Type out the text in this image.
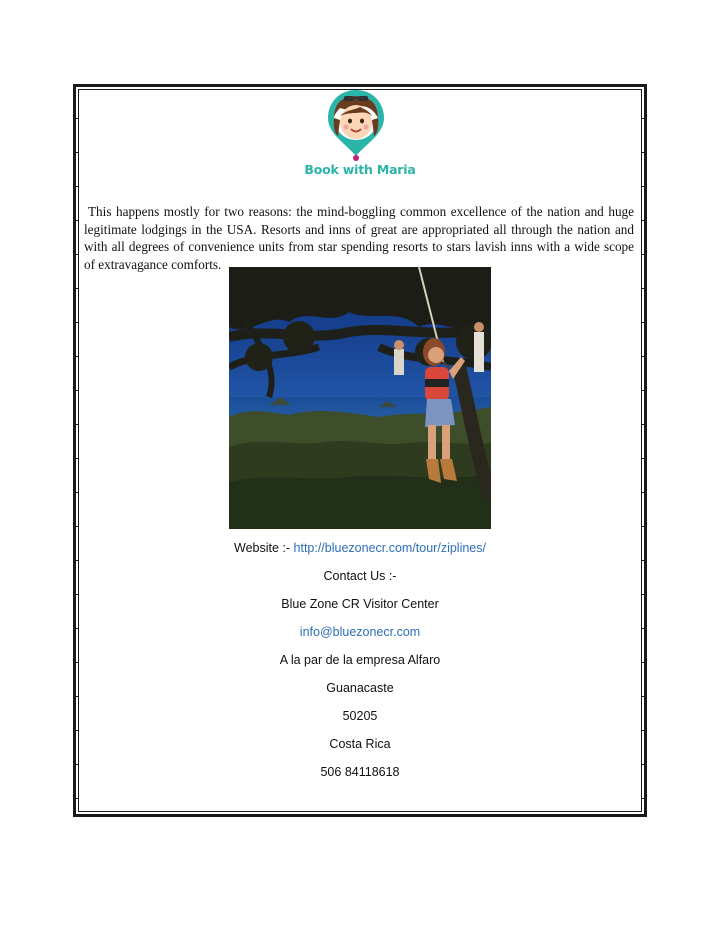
Book with Maria
This happens mostly for two reasons: the mind-boggling common excellence of the nation and huge legitimate lodgings in the USA. Resorts and inns of great are appropriated all through the nation and with all degrees of convenience units from star spending resorts to stars lavish inns with a wide scope of extravagance comforts.
Website :- http://bluezonecr.com/tour/ziplines/
Contact Us :-
Blue Zone CR Visitor Center
info@bluezonecr.com
A la par de la empresa Alfaro
Guanacaste
50205
Costa Rica
506 84118618
